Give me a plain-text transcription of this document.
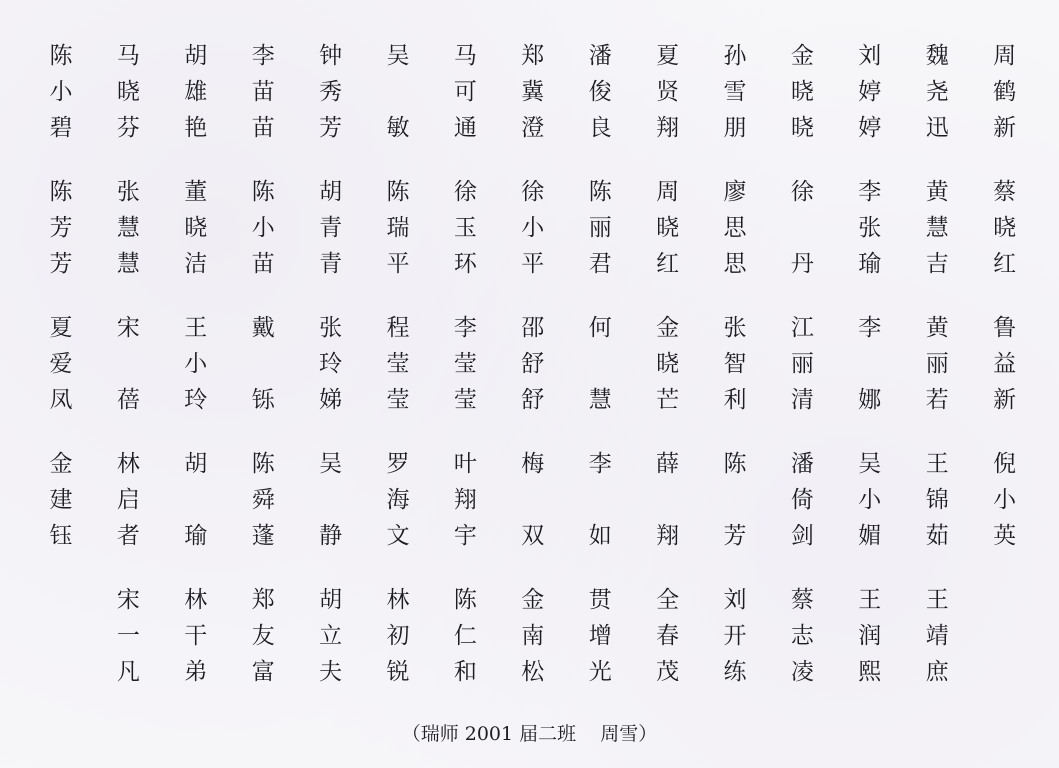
陈
小
碧
马
晓
芬
胡
雄
艳
李
苗
苗
钟
秀
芳
吴
敏
马
可
通
郑
冀
澄
潘
俊
良
夏
贤
翔
孙
雪
朋
金
晓
晓
刘
婷
婷
魏
尧
迅
周
鹤
新
陈
芳
芳
张
慧
慧
董
晓
洁
陈
小
苗
胡
青
青
陈
瑞
平
徐
玉
环
徐
小
平
陈
丽
君
周
晓
红
廖
思
思
徐
丹
李
张
瑜
黄
慧
吉
蔡
晓
红
夏
爱
凤
宋
蓓
王
小
玲
戴
铄
张
玲
娣
程
莹
莹
李
莹
莹
邵
舒
舒
何
慧
金
晓
芒
张
智
利
江
丽
清
李
娜
黄
丽
若
鲁
益
新
金
建
钰
林
启
者
胡
瑜
陈
舜
蓬
吴
静
罗
海
文
叶
翔
宇
梅
双
李
如
薛
翔
陈
芳
潘
倚
剑
吴
小
媚
王
锦
茹
倪
小
英
宋
一
凡
林
干
弟
郑
友
富
胡
立
夫
林
初
锐
陈
仁
和
金
南
松
贯
增
光
全
春
茂
刘
开
练
蔡
志
凌
王
润
熙
王
靖
庶
（瑞师 2001 届二班    周雪）
